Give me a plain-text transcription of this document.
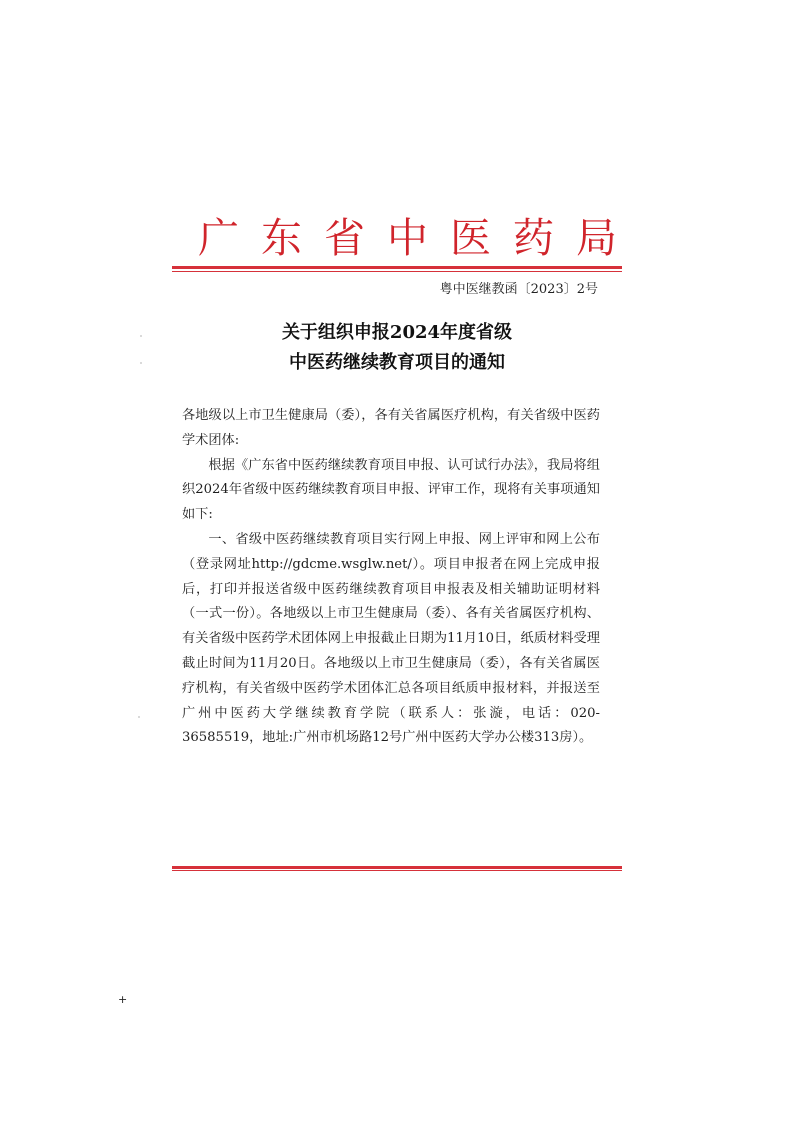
广东省中医药局
粤中医继教函〔2023〕2号
关于组织申报2024年度省级
中医药继续教育项目的通知

各地级以上市卫生健康局（委），各有关省属医疗机构，有关省级中医药学术团体:

根据《广东省中医药继续教育项目申报、认可试行办法》，我局将组织2024年省级中医药继续教育项目申报、评审工作，现将有关事项通知如下:

一、省级中医药继续教育项目实行网上申报、网上评审和网上公布（登录网址http://gdcme.wsglw.net/）。项目申报者在网上完成申报后，打印并报送省级中医药继续教育项目申报表及相关辅助证明材料（一式一份）。各地级以上市卫生健康局（委）、各有关省属医疗机构、有关省级中医药学术团体网上申报截止日期为11月10日，纸质材料受理截止时间为11月20日。各地级以上市卫生健康局（委），各有关省属医疗机构，有关省级中医药学术团体汇总各项目纸质申报材料，并报送至广州中医药大学继续教育学院（联系人：张漩，电话：020-36585519，地址:广州市机场路12号广州中医药大学办公楼313房）。

+
